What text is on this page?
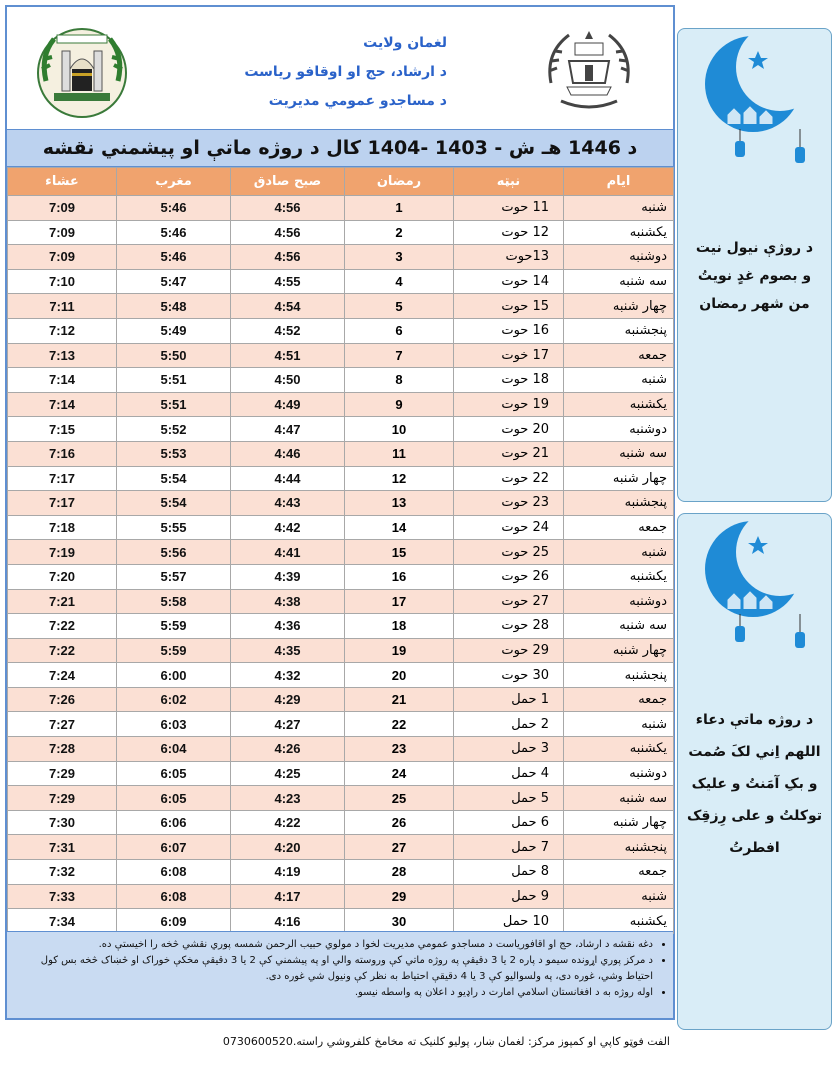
لغمان ولایت
د ارشاد، حج او اوقافو ریاست
د مساجدو عمومي مدیریت
د 1446 هـ ش - 1403 -1404 کال د روژه ماتې او پیشمني نقشه
عشاء	مغرب	صبح صادق	رمضان	نېټه	ایام
7:09	5:46	4:56	1	11 حوت	شنبه
7:09	5:46	4:56	2	12 حوت	یکشنبه
7:09	5:46	4:56	3	13حوت	دوشنبه
7:10	5:47	4:55	4	14 حوت	سه شنبه
7:11	5:48	4:54	5	15 حوت	چهار شنبه
7:12	5:49	4:52	6	16 حوت	پنجشنبه
7:13	5:50	4:51	7	17 خوت	جمعه
7:14	5:51	4:50	8	18 حوت	شنبه
7:14	5:51	4:49	9	19 حوت	یکشنبه
7:15	5:52	4:47	10	20 حوت	دوشنبه
7:16	5:53	4:46	11	21 حوت	سه شنبه
7:17	5:54	4:44	12	22 حوت	چهار شنبه
7:17	5:54	4:43	13	23 حوت	پنجشنبه
7:18	5:55	4:42	14	24 حوت	جمعه
7:19	5:56	4:41	15	25 حوت	شنبه
7:20	5:57	4:39	16	26 حوت	یکشنبه
7:21	5:58	4:38	17	27 حوت	دوشنبه
7:22	5:59	4:36	18	28 حوت	سه شنبه
7:22	5:59	4:35	19	29 حوت	چهار شنبه
7:24	6:00	4:32	20	30 حوت	پنجشنبه
7:26	6:02	4:29	21	1 حمل	جمعه
7:27	6:03	4:27	22	2 حمل	شنبه
7:28	6:04	4:26	23	3 حمل	یکشنبه
7:29	6:05	4:25	24	4 حمل	دوشنبه
7:29	6:05	4:23	25	5 حمل	سه شنبه
7:30	6:06	4:22	26	6 حمل	چهار شنبه
7:31	6:07	4:20	27	7 حمل	پنجشنبه
7:32	6:08	4:19	28	8 حمل	جمعه
7:33	6:08	4:17	29	9 حمل	شنبه
7:34	6:09	4:16	30	10 حمل	یکشنبه
• دغه نقشه د ارشاد، حج او اقافوریاست د مساجدو عمومي مدیریت لخوا د مولوي حبیب الرحمن شمسه پوري نقشي څخه را اخیستې ده.
• د مرکز پوري اړونده سیمو د پاره 2 یا 3 دقیقې په روژه ماتي کې وروسته والي او په پیشمني کې 2 یا 3 دقیقې مخکې خوراک او څښاک څخه بس کول احتیاط وشي، غوره دی، په ولسوالیو کې 3 یا 4 دقیقې احتیاط به نظر کې ونیول شي غوره دی.
• اوله روژه به د افغانستان اسلامي امارت د راډیو د اعلان په واسطه نیسو.
الفت فوټو کاپي او کمپوز مرکز: لغمان ښار، پولیو کلنیک ته مخامخ کلفروشي راسته.0730600520
د روژې نیول نیت
و بصوم غدٍ نویتُ
من شهر رمضان
د روژه ماتې دعاء
اللهم اِني لکَ صُمت
و بکِ آمَنتُ و علیک
توکلتُ و علی رِزقِک
افطرتُ
